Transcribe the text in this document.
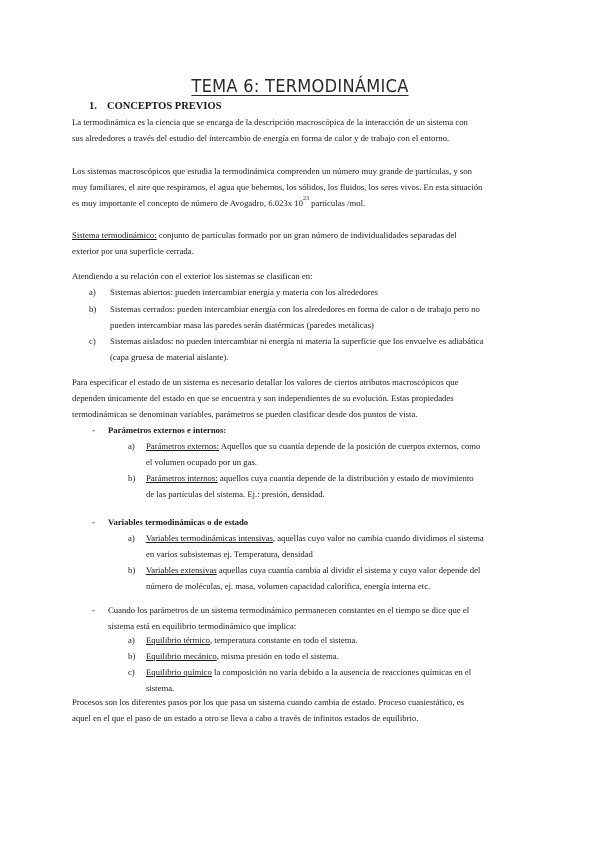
TEMA 6: TERMODINÁMICA
1. CONCEPTOS PREVIOS

La termodinámica es la ciencia que se encarga de la descripción macroscópica de la interacción de un sistema con
sus alrededores a través del estudio del intercambio de energía en forma de calor y de trabajo con el entorno.

Los sistemas macroscópicos que estudia la termodinámica comprenden un número muy grande de partículas, y son
muy familiares, el aire que respiramos, el agua que bebemos, los sólidos, los fluidos, los seres vivos. En esta situación
es muy importante el concepto de número de Avogadro, 6.023x $10^{23}$ partículas /mol.

Sistema termodinámico: conjunto de partículas formado por un gran número de individualidades separadas del
exterior por una superficie cerrada.

Atendiendo a su relación con el exterior los sistemas se clasifican en:

a) Sistemas abiertos: pueden intercambiar energía y materia con los alrededores

b) Sistemas cerrados: pueden intercambiar energía con los alrededores en forma de calor o de trabajo pero no
pueden intercambiar masa las paredes serán diatérmicas (paredes metálicas)

c) Sistemas aislados: no pueden intercambiar ni energía ni materia la superficie que los envuelve es adiabática
(capa gruesa de material aislante).

Para especificar el estado de un sistema es necesario detallar los valores de ciertos atributos macroscópicos que
dependen únicamente del estado en que se encuentra y son independientes de su evolución. Estas propiedades
termodinámicas se denominan variables, parámetros se pueden clasificar desde dos puntos de vista.

- Parámetros externos e internos:

a) Parámetros externos: Aquellos que su cuantía depende de la posición de cuerpos externos, como
el volumen ocupado por un gas.

b) Parámetros internos: aquellos cuya cuantía depende de la distribución y estado de movimiento
de las partículas del sistema. Ej.: presión, densidad.

- Variables termodinámicas o de estado

a) Variables termodinámicas intensivas, aquellas cuyo valor no cambia cuando dividimos el sistema
en varios subsistemas ej. Temperatura, densidad

b) Variables extensivas aquellas cuya cuantía cambia al dividir el sistema y cuyo valor depende del
número de moléculas, ej. masa, volumen capacidad calorífica, energía interna etc.

- Cuando los parámetros de un sistema termodinámico permanecen constantes en el tiempo se dice que el
sistema está en equilibrio termodinámico que implica:

a) Equilibrio térmico, temperatura constante en todo el sistema.

b) Equilibrio mecánico, misma presión en todo el sistema.

c) Equilibrio químico la composición no varía debido a la ausencia de reacciones químicas en el
sistema.

Procesos son los diferentes pasos por los que pasa un sistema cuando cambia de estado. Proceso cuasiestático, es
aquel en el que el paso de un estado a otro se lleva a cabo a través de infinitos estados de equilibrio.
